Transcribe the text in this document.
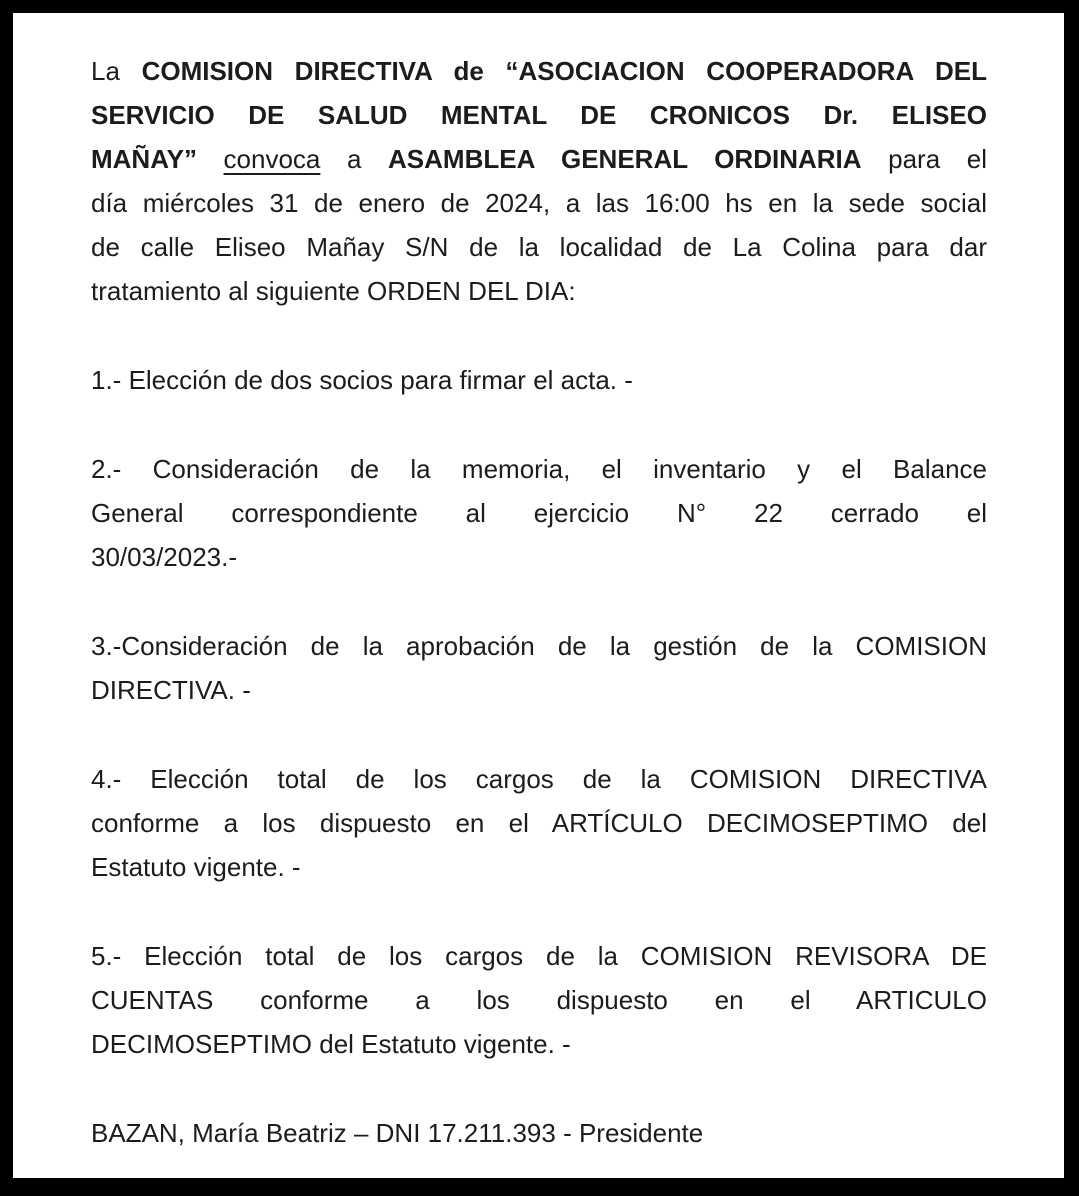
La COMISION DIRECTIVA de “ASOCIACION COOPERADORA DEL
SERVICIO DE SALUD MENTAL DE CRONICOS Dr. ELISEO
MAÑAY” convoca a ASAMBLEA GENERAL ORDINARIA para el
día miércoles 31 de enero de 2024, a las 16:00 hs en la sede social
de calle Eliseo Mañay S/N de la localidad de La Colina para dar
tratamiento al siguiente ORDEN DEL DIA:
1.- Elección de dos socios para firmar el acta. -
2.- Consideración de la memoria, el inventario y el Balance
General correspondiente al ejercicio N° 22 cerrado el
30/03/2023.-
3.-Consideración de la aprobación de la gestión de la COMISION
DIRECTIVA. -
4.- Elección total de los cargos de la COMISION DIRECTIVA
conforme a los dispuesto en el ARTÍCULO DECIMOSEPTIMO del
Estatuto vigente. -
5.- Elección total de los cargos de la COMISION REVISORA DE
CUENTAS conforme a los dispuesto en el ARTICULO
DECIMOSEPTIMO del Estatuto vigente. -
BAZAN, María Beatriz – DNI 17.211.393 - Presidente
